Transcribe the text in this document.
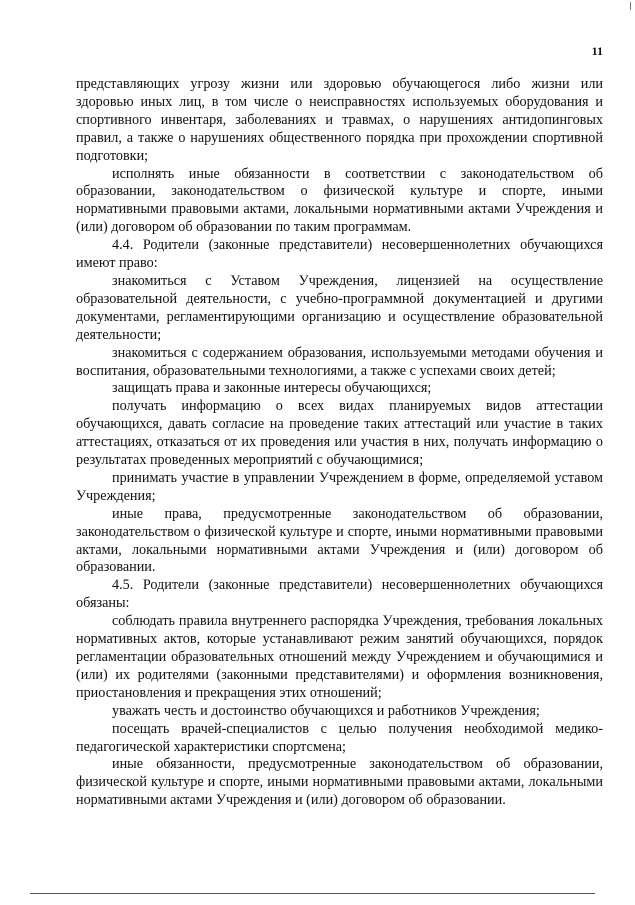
11

представляющих угрозу жизни или здоровью обучающегося либо жизни или здоровью иных лиц, в том числе о неисправностях используемых оборудования и спортивного инвентаря, заболеваниях и травмах, о нарушениях антидопинговых правил, а также о нарушениях общественного порядка при прохождении спортивной подготовки;

исполнять иные обязанности в соответствии с законодательством об образовании, законодательством о физической культуре и спорте, иными нормативными правовыми актами, локальными нормативными актами Учреждения и (или) договором об образовании по таким программам.

4.4. Родители (законные представители) несовершеннолетних обучающихся имеют право:

знакомиться с Уставом Учреждения, лицензией на осуществление образовательной деятельности, с учебно-программной документацией и другими документами, регламентирующими организацию и осуществление образовательной деятельности;

знакомиться с содержанием образования, используемыми методами обучения и воспитания, образовательными технологиями, а также с успехами своих детей;

защищать права и законные интересы обучающихся;

получать информацию о всех видах планируемых видов аттестации обучающихся, давать согласие на проведение таких аттестаций или участие в таких аттестациях, отказаться от их проведения или участия в них, получать информацию о результатах проведенных мероприятий с обучающимися;

принимать участие в управлении Учреждением в форме, определяемой уставом Учреждения;

иные права, предусмотренные законодательством об образовании, законодательством о физической культуре и спорте, иными нормативными правовыми актами, локальными нормативными актами Учреждения и (или) договором об образовании.

4.5. Родители (законные представители) несовершеннолетних обучающихся обязаны:

соблюдать правила внутреннего распорядка Учреждения, требования локальных нормативных актов, которые устанавливают режим занятий обучающихся, порядок регламентации образовательных отношений между Учреждением и обучающимися и (или) их родителями (законными представителями) и оформления возникновения, приостановления и прекращения этих отношений;

уважать честь и достоинство обучающихся и работников Учреждения;

посещать врачей-специалистов с целью получения необходимой медико-педагогической характеристики спортсмена;

иные обязанности, предусмотренные законодательством об образовании, физической культуре и спорте, иными нормативными правовыми актами, локальными нормативными актами Учреждения и (или) договором об образовании.
